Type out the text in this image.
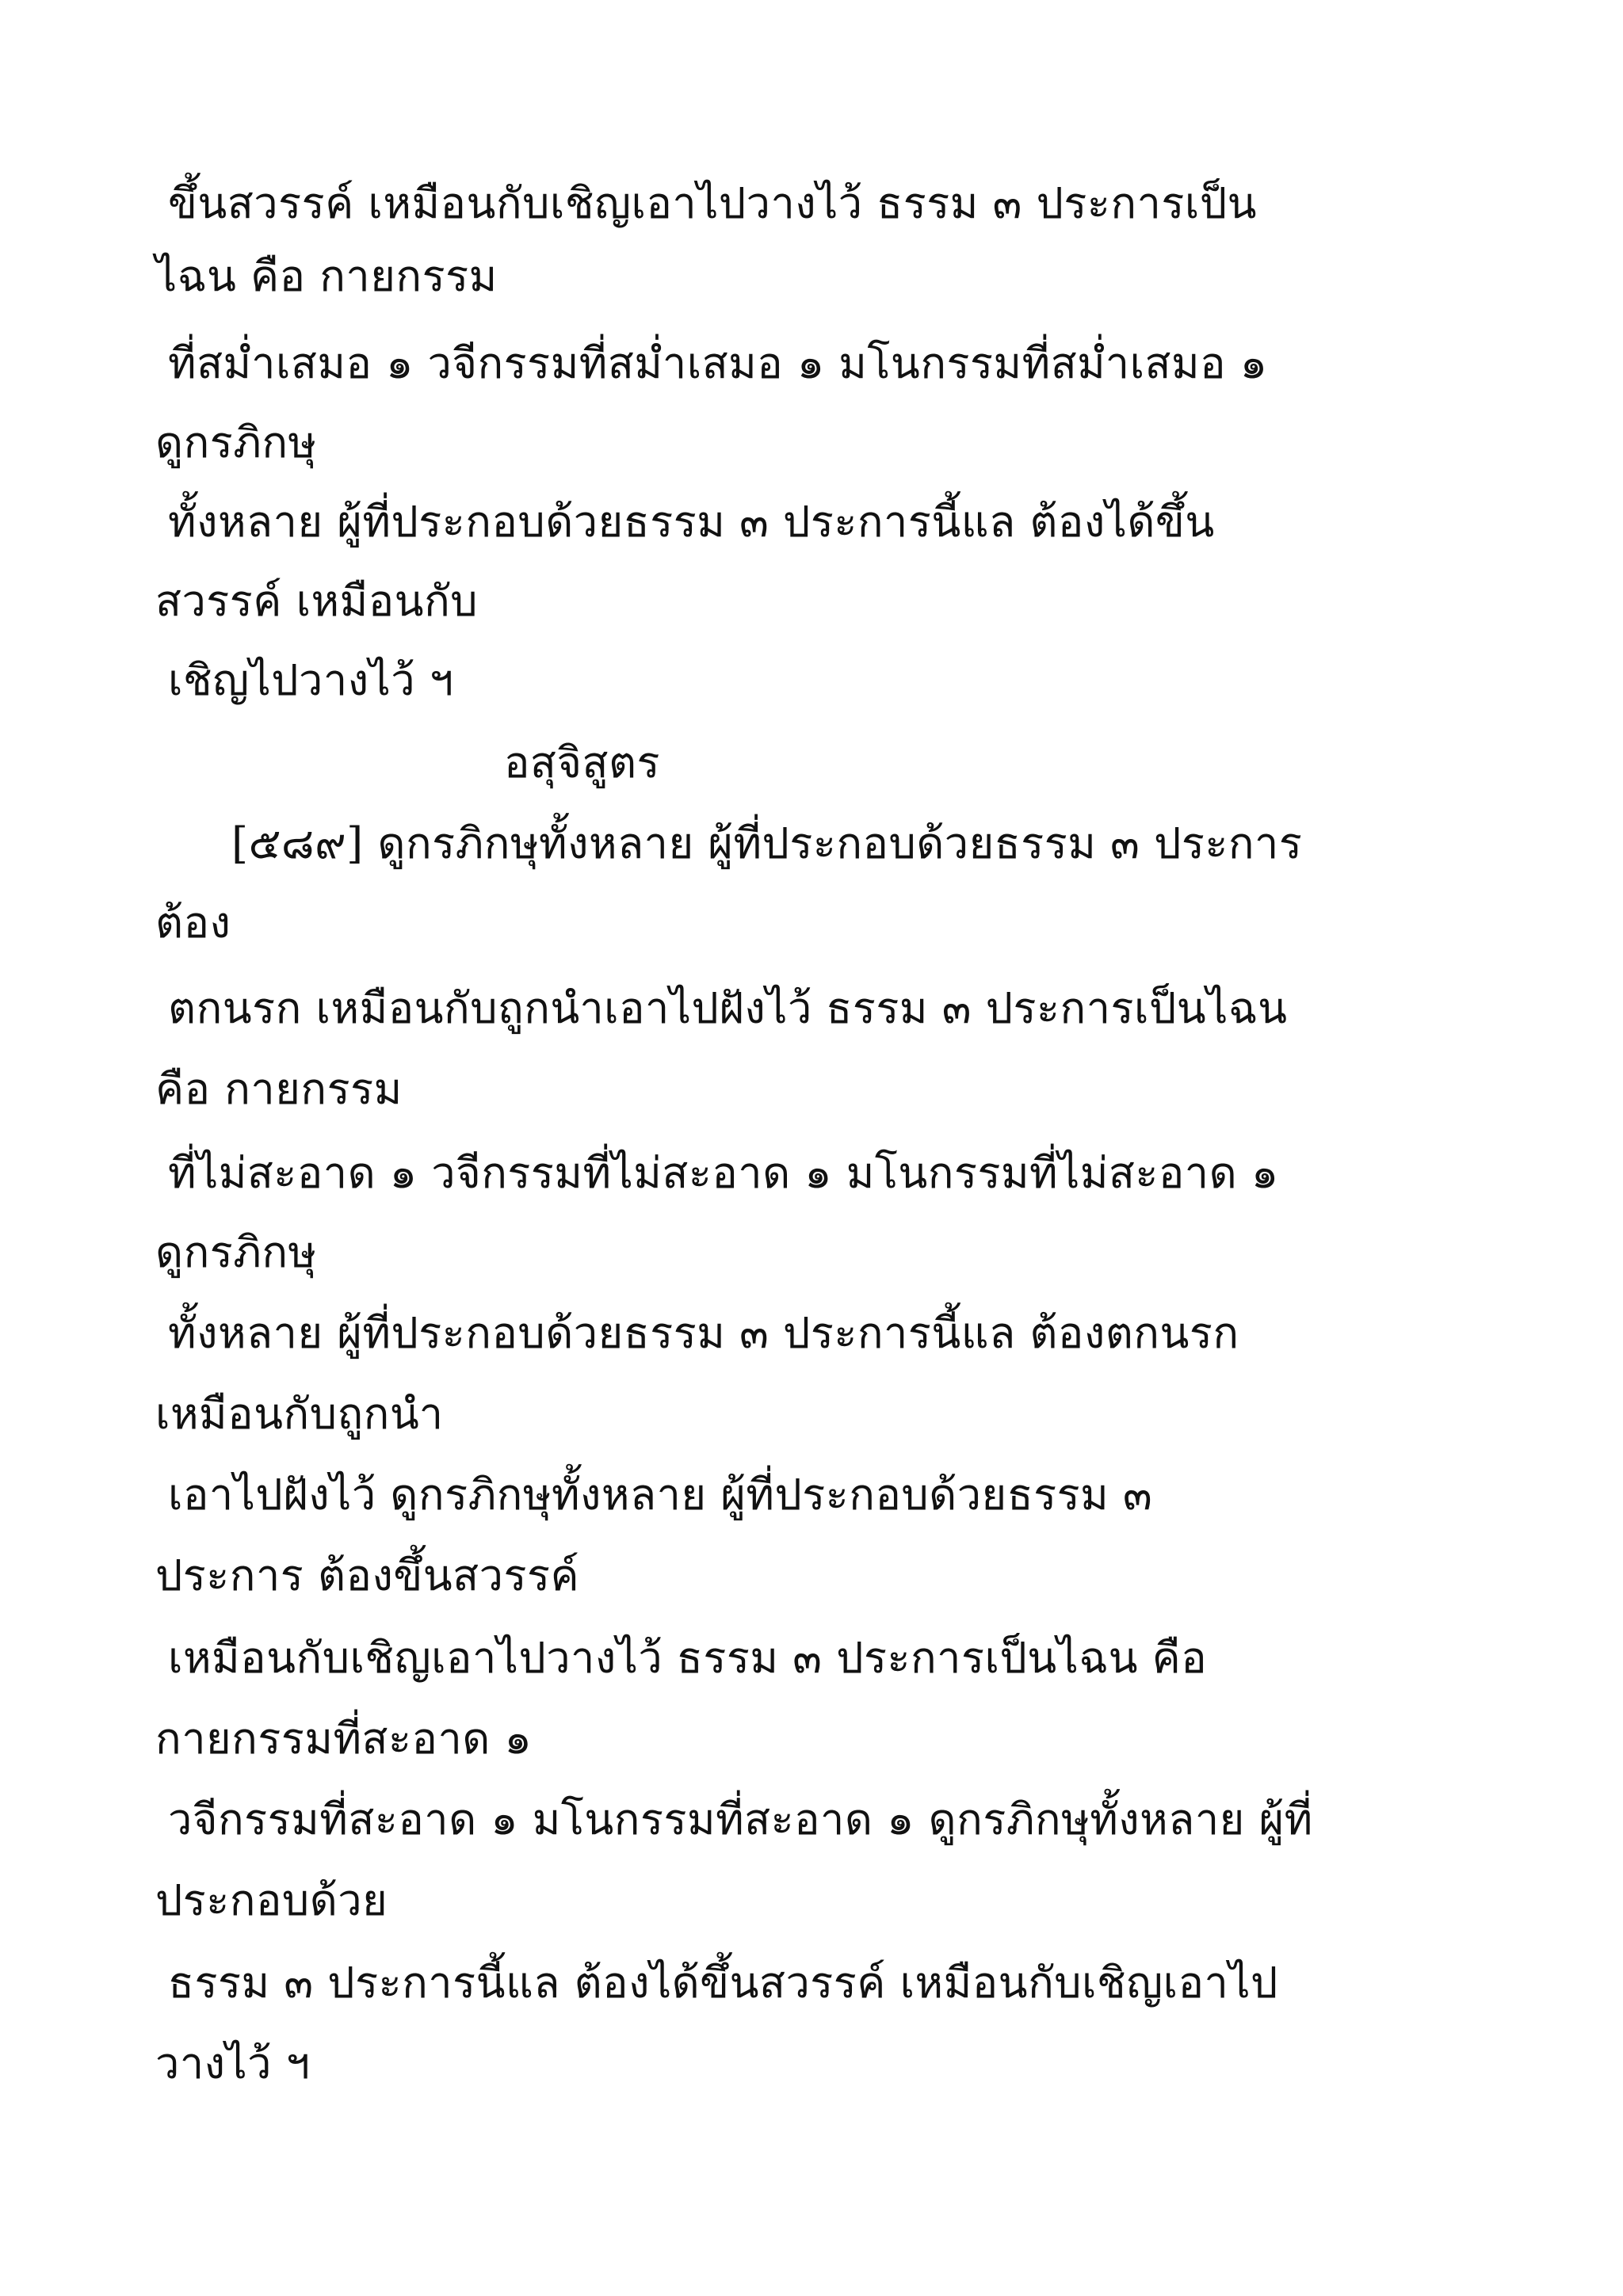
ขึ้นสวรรค์ เหมือนกับเชิญเอาไปวางไว้ ธรรม ๓ ประการเป็น
ไฉน คือ กายกรรม
ที่สม่ำเสมอ ๑ วจีกรรมที่สม่ำเสมอ ๑ มโนกรรมที่สม่ำเสมอ ๑
ดูกรภิกษุ
ทั้งหลาย ผู้ที่ประกอบด้วยธรรม ๓ ประการนี้แล ต้องได้ขึ้น
สวรรค์ เหมือนกับ
เชิญไปวางไว้ ฯ
อสุจิสูตร
[๕๘๙] ดูกรภิกษุทั้งหลาย ผู้ที่ประกอบด้วยธรรม ๓ ประการ
ต้อง
ตกนรก เหมือนกับถูกนำเอาไปฝังไว้ ธรรม ๓ ประการเป็นไฉน
คือ กายกรรม
ที่ไม่สะอาด ๑ วจีกรรมที่ไม่สะอาด ๑ มโนกรรมที่ไม่สะอาด ๑
ดูกรภิกษุ
ทั้งหลาย ผู้ที่ประกอบด้วยธรรม ๓ ประการนี้แล ต้องตกนรก
เหมือนกับถูกนำ
เอาไปฝังไว้ ดูกรภิกษุทั้งหลาย ผู้ที่ประกอบด้วยธรรม ๓
ประการ ต้องขึ้นสวรรค์
เหมือนกับเชิญเอาไปวางไว้ ธรรม ๓ ประการเป็นไฉน คือ
กายกรรมที่สะอาด ๑
วจีกรรมที่สะอาด ๑ มโนกรรมที่สะอาด ๑ ดูกรภิกษุทั้งหลาย ผู้ที่
ประกอบด้วย
ธรรม ๓ ประการนี้แล ต้องได้ขึ้นสวรรค์ เหมือนกับเชิญเอาไป
วางไว้ ฯ
